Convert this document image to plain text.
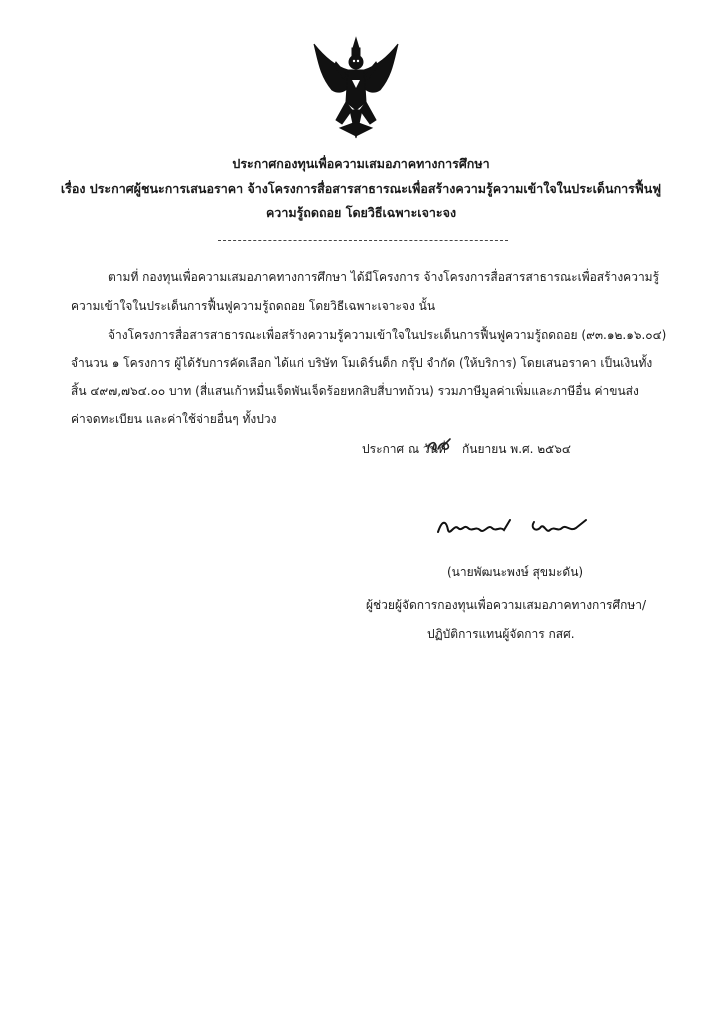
ประกาศกองทุนเพื่อความเสมอภาคทางการศึกษา
เรื่อง ประกาศผู้ชนะการเสนอราคา จ้างโครงการสื่อสารสาธารณะเพื่อสร้างความรู้ความเข้าใจในประเด็นการฟื้นฟู
ความรู้ถดถอย โดยวิธีเฉพาะเจาะจง
ตามที่ กองทุนเพื่อความเสมอภาคทางการศึกษา ได้มีโครงการ จ้างโครงการสื่อสารสาธารณะเพื่อสร้างความรู้
ความเข้าใจในประเด็นการฟื้นฟูความรู้ถดถอย โดยวิธีเฉพาะเจาะจง นั้น
จ้างโครงการสื่อสารสาธารณะเพื่อสร้างความรู้ความเข้าใจในประเด็นการฟื้นฟูความรู้ถดถอย (๙๓.๑๒.๑๖.๐๔)
จำนวน ๑ โครงการ ผู้ได้รับการคัดเลือก ได้แก่ บริษัท โมเดิร์นด็ก กรุ๊ป จำกัด (ให้บริการ) โดยเสนอราคา เป็นเงินทั้ง
สิ้น ๔๙๗,๗๖๔.๐๐ บาท (สี่แสนเก้าหมื่นเจ็ดพันเจ็ดร้อยหกสิบสี่บาทถ้วน) รวมภาษีมูลค่าเพิ่มและภาษีอื่น ค่าขนส่ง
ค่าจดทะเบียน และค่าใช้จ่ายอื่นๆ ทั้งปวง
ประกาศ ณ วันที่ กันยายน พ.ศ. ๒๕๖๔
(นายพัฒนะพงษ์ สุขมะดัน)
ผู้ช่วยผู้จัดการกองทุนเพื่อความเสมอภาคทางการศึกษา/
ปฏิบัติการแทนผู้จัดการ กสศ.
